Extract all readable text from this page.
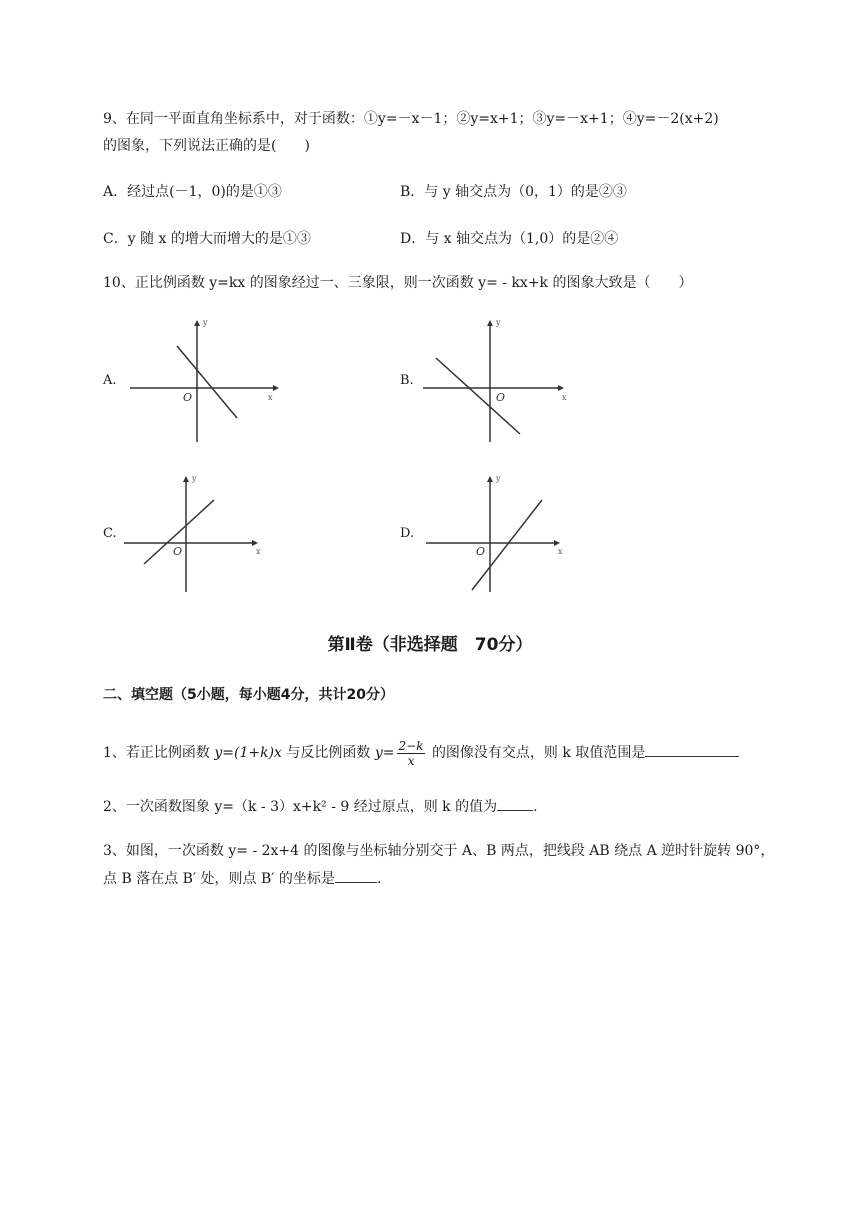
9、在同一平面直角坐标系中，对于函数：①y=－x－1；②y=x+1；③y=－x+1；④y=－2(x+2)
的图象，下列说法正确的是(　　)
A．经过点(－1，0)的是①③	B．与 y 轴交点为（0，1）的是②③
C．y 随 x 的增大而增大的是①③	D．与 x 轴交点为（1,0）的是②④
10、正比例函数 y=kx 的图象经过一、三象限，则一次函数 y= - kx+k 的图象大致是（　　）
A.
y
x
O
B.
y
x
O
C.
y
x
O
D.
y
x
O
第Ⅱ卷（非选择题　70分）
二、填空题（5小题，每小题4分，共计20分）
1、若正比例函数 y=(1+k)x 与反比例函数 $y= \frac{2-k}{x}$ 的图像没有交点，则 k 取值范围是
2、一次函数图象 y=（k - 3）x+k² - 9 经过原点，则 k 的值为	.
3、如图，一次函数 y= - 2x+4 的图像与坐标轴分别交于 A、B 两点，把线段 AB 绕点 A 逆时针旋转 90°，
点 B 落在点 B′ 处，则点 B′ 的坐标是	.
